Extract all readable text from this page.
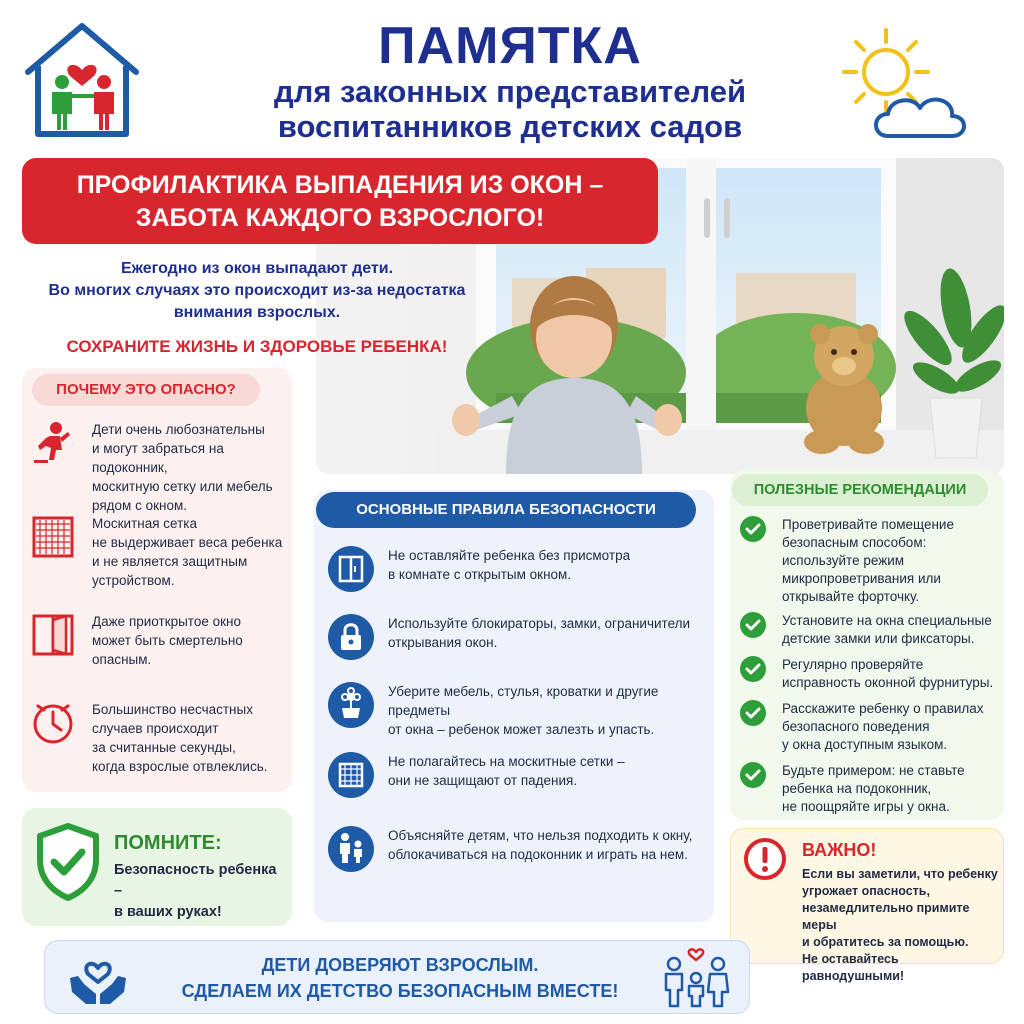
ПАМЯТКА
для законных представителей
воспитанников детских садов
ПРОФИЛАКТИКА ВЫПАДЕНИЯ ИЗ ОКОН –
ЗАБОТА КАЖДОГО ВЗРОСЛОГО!
Ежегодно из окон выпадают дети.
Во многих случаях это происходит из-за недостатка
внимания взрослых.
СОХРАНИТЕ ЖИЗНЬ И ЗДОРОВЬЕ РЕБЕНКА!
ПОЧЕМУ ЭТО ОПАСНО?
Дети очень любознательны
и могут забраться на подоконник,
москитную сетку или мебель
рядом с окном.
Москитная сетка
не выдерживает веса ребенка
и не является защитным
устройством.
Даже приоткрытое окно
может быть смертельно
опасным.
Большинство несчастных
случаев происходит
за считанные секунды,
когда взрослые отвлеклись.
ПОМНИТЕ:
Безопасность ребенка –
в ваших руках!
ОСНОВНЫЕ ПРАВИЛА БЕЗОПАСНОСТИ
Не оставляйте ребенка без присмотра
в комнате с открытым окном.
Используйте блокираторы, замки, ограничители
открывания окон.
Уберите мебель, стулья, кроватки и другие предметы
от окна – ребенок может залезть и упасть.
Не полагайтесь на москитные сетки –
они не защищают от падения.
Объясняйте детям, что нельзя подходить к окну,
облокачиваться на подоконник и играть на нем.
ПОЛЕЗНЫЕ РЕКОМЕНДАЦИИ
Проветривайте помещение
безопасным способом:
используйте режим
микропроветривания или
открывайте форточку.
Установите на окна специальные
детские замки или фиксаторы.
Регулярно проверяйте
исправность оконной фурнитуры.
Расскажите ребенку о правилах
безопасного поведения
у окна доступным языком.
Будьте примером: не ставьте
ребенка на подоконник,
не поощряйте игры у окна.
ВАЖНО!
Если вы заметили, что ребенку
угрожает опасность,
незамедлительно примите меры
и обратитесь за помощью.
Не оставайтесь равнодушными!
ДЕТИ ДОВЕРЯЮТ ВЗРОСЛЫМ.
СДЕЛАЕМ ИХ ДЕТСТВО БЕЗОПАСНЫМ ВМЕСТЕ!
